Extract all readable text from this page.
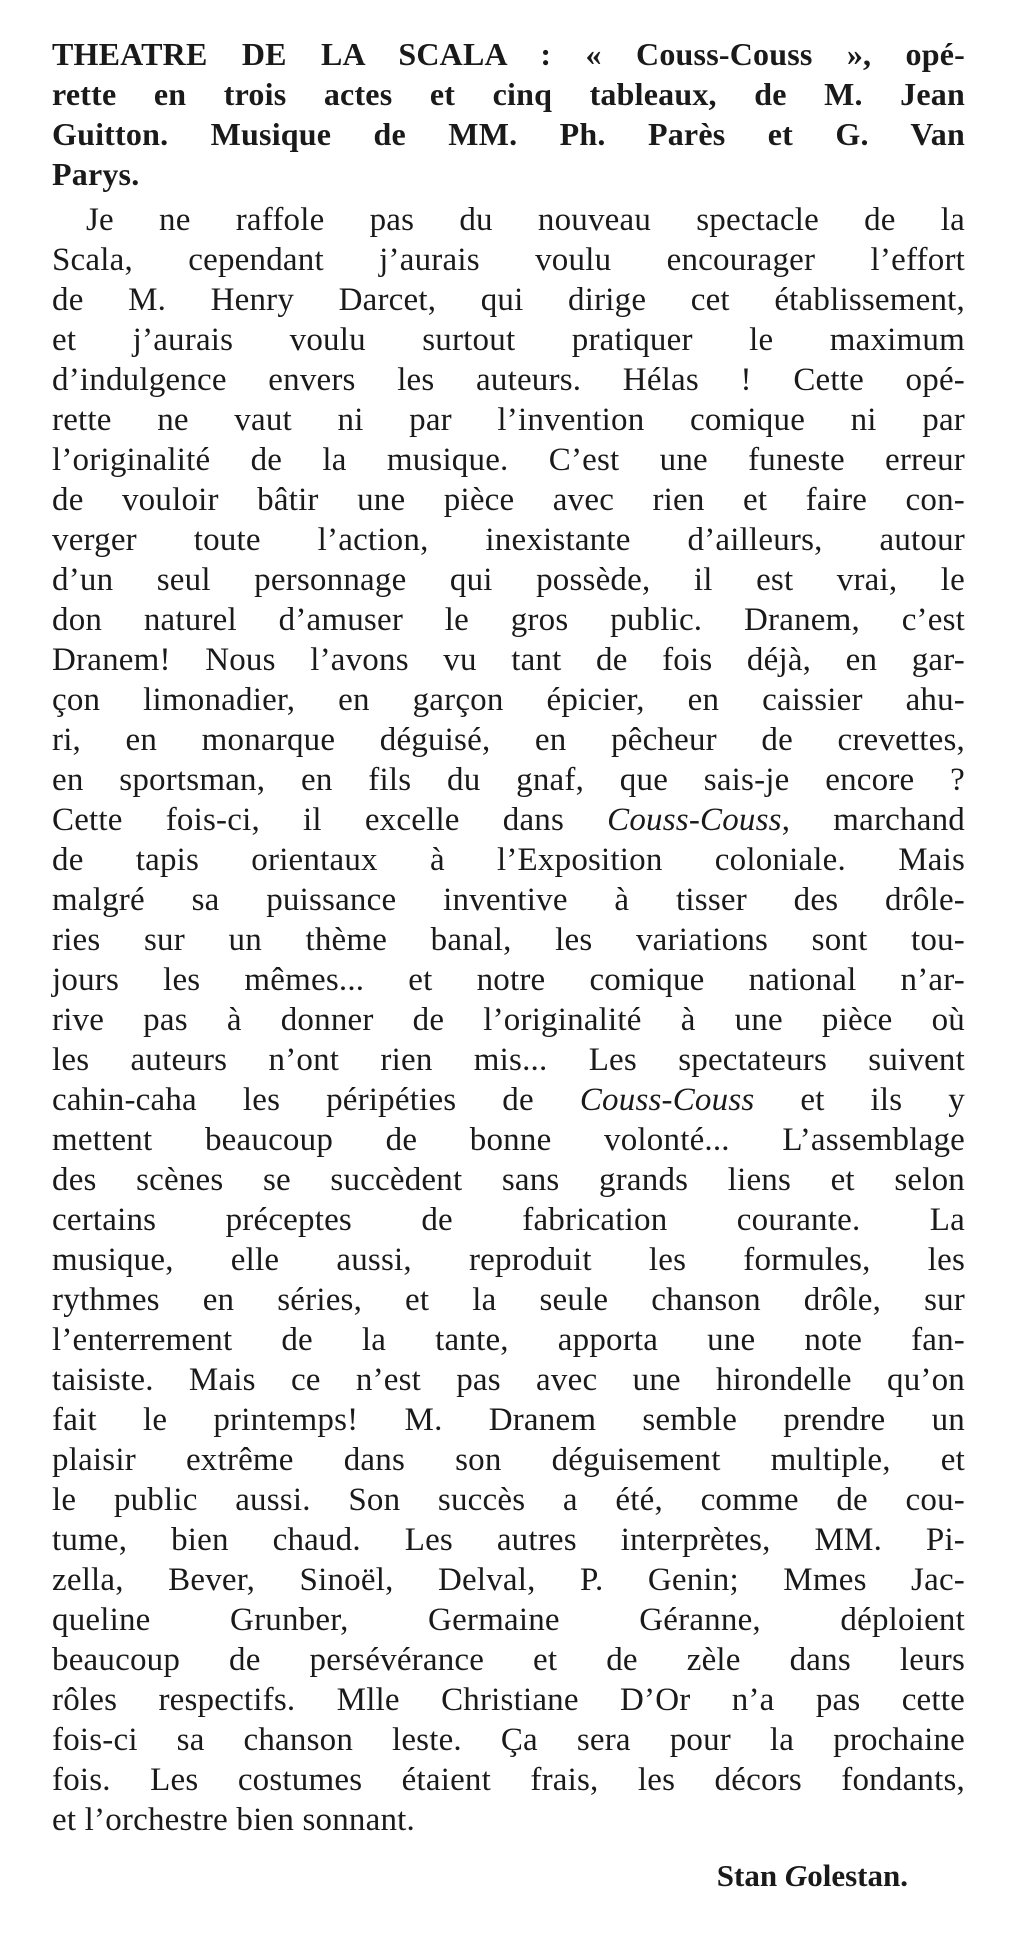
THEATRE DE LA SCALA : « Couss-Couss », opé-
rette en trois actes et cinq tableaux, de M. Jean
Guitton. Musique de MM. Ph. Parès et G. Van
Parys.
Je ne raffole pas du nouveau spectacle de la
Scala, cependant j’aurais voulu encourager l’effort
de M. Henry Darcet, qui dirige cet établissement,
et j’aurais voulu surtout pratiquer le maximum
d’indulgence envers les auteurs. Hélas ! Cette opé-
rette ne vaut ni par l’invention comique ni par
l’originalité de la musique. C’est une funeste erreur
de vouloir bâtir une pièce avec rien et faire con-
verger toute l’action, inexistante d’ailleurs, autour
d’un seul personnage qui possède, il est vrai, le
don naturel d’amuser le gros public. Dranem, c’est
Dranem! Nous l’avons vu tant de fois déjà, en gar-
çon limonadier, en garçon épicier, en caissier ahu-
ri, en monarque déguisé, en pêcheur de crevettes,
en sportsman, en fils du gnaf, que sais-je encore ?
Cette fois-ci, il excelle dans Couss-Couss, marchand
de tapis orientaux à l’Exposition coloniale. Mais
malgré sa puissance inventive à tisser des drôle-
ries sur un thème banal, les variations sont tou-
jours les mêmes... et notre comique national n’ar-
rive pas à donner de l’originalité à une pièce où
les auteurs n’ont rien mis... Les spectateurs suivent
cahin-caha les péripéties de Couss-Couss et ils y
mettent beaucoup de bonne volonté... L’assemblage
des scènes se succèdent sans grands liens et selon
certains préceptes de fabrication courante. La
musique, elle aussi, reproduit les formules, les
rythmes en séries, et la seule chanson drôle, sur
l’enterrement de la tante, apporta une note fan-
taisiste. Mais ce n’est pas avec une hirondelle qu’on
fait le printemps! M. Dranem semble prendre un
plaisir extrême dans son déguisement multiple, et
le public aussi. Son succès a été, comme de cou-
tume, bien chaud. Les autres interprètes, MM. Pi-
zella, Bever, Sinoël, Delval, P. Genin; Mmes Jac-
queline Grunber, Germaine Géranne, déploient
beaucoup de persévérance et de zèle dans leurs
rôles respectifs. Mlle Christiane D’Or n’a pas cette
fois-ci sa chanson leste. Ça sera pour la prochaine
fois. Les costumes étaient frais, les décors fondants,
et l’orchestre bien sonnant.
Stan Golestan.
